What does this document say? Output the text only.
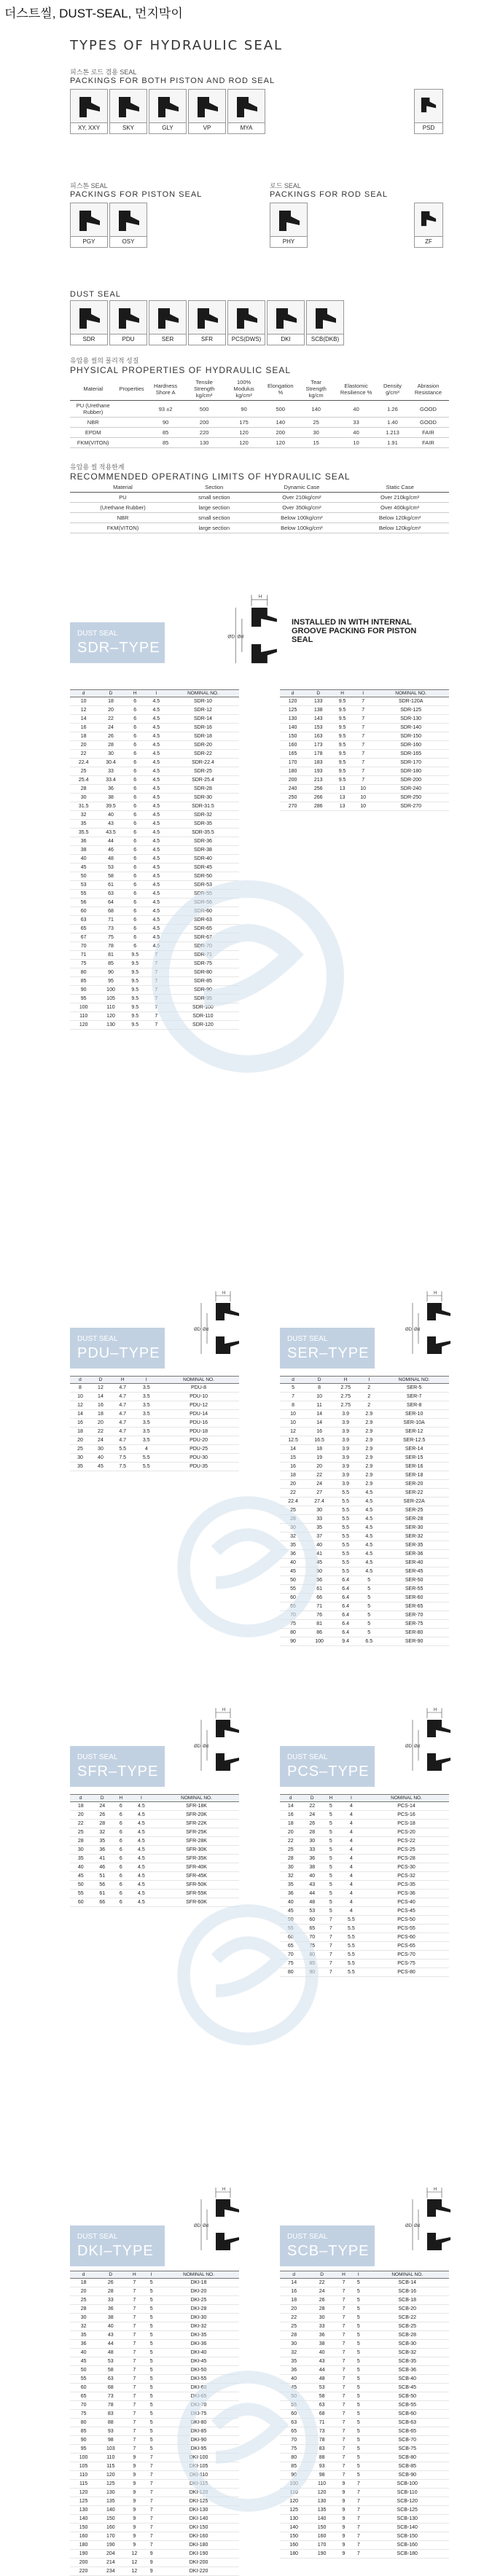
더스트씰, DUST-SEAL, 먼지막이
TYPES OF HYDRAULIC SEAL
피스톤 로드 겸용 SEAL
PACKINGS FOR BOTH PISTON AND ROD SEAL
XY, XXY	SKY	GLY	VP	MYA	PSD
피스톤 SEAL
PACKINGS FOR PISTON SEAL
PGY	OSY
로드 SEAL
PACKINGS FOR ROD SEAL
PHY	ZF
DUST SEAL
SDR	PDU	SER	SFR	PCS(DWS)	DKI	SCB(DKB)
유압용 씰의 물리적 성질
PHYSICAL PROPERTIES OF HYDRAULIC SEAL
Material	Properties	Hardness Shore A	Tensile Strength kg/cm²	100% Modulus kg/cm²	Elongation %	Tear Strength kg/cm	Elastomic Resilience %	Density g/cm³	Abrasion Resistance
PU (Urethane Rubber)		93 ±2	500	90	500	140	40	1.26	GOOD
NBR		90	200	175	140	25	33	1.40	GOOD
EPDM		85	220	120	200	30	40	1.213	FAIR
FKM(VITON)		85	130	120	120	15	10	1.91	FAIR
유압용 씰 적용한계
RECOMMENDED OPERATING LIMITS OF HYDRAULIC SEAL
Material	Section	Dynamic Case	Static Case
PU	small section	Over 210kg/cm²	Over 210kg/cm²
(Urethane Rubber)	large section	Over 350kg/cm²	Over 400kg/cm²
NBR	small section	Below 100kg/cm²	Below 120kg/cm²
FKM(VITON)	large section	Below 100kg/cm²	Below 120kg/cm²
DUST SEAL
SDR–TYPE
H
ØD Ød
INSTALLED IN WITH INTERNAL GROOVE PACKING FOR PISTON SEAL
d	D	H	I	NOMINAL NO.
10	18	6	4.5	SDR-10
12	20	6	4.5	SDR-12
14	22	6	4.5	SDR-14
16	24	6	4.5	SDR-16
18	26	6	4.5	SDR-18
20	28	6	4.5	SDR-20
22	30	6	4.5	SDR-22
22.4	30.4	6	4.5	SDR-22.4
25	33	6	4.5	SDR-25
25.4	33.4	6	4.5	SDR-25.4
28	36	6	4.5	SDR-28
30	38	6	4.5	SDR-30
31.5	39.5	6	4.5	SDR-31.5
32	40	6	4.5	SDR-32
35	43	6	4.5	SDR-35
35.5	43.5	6	4.5	SDR-35.5
36	44	6	4.5	SDR-36
38	46	6	4.5	SDR-38
40	48	6	4.5	SDR-40
45	53	6	4.5	SDR-45
50	58	6	4.5	SDR-50
53	61	6	4.5	SDR-53
55	63	6	4.5	SDR-55
56	64	6	4.5	SDR-56
60	68	6	4.5	SDR-60
63	71	6	4.5	SDR-63
65	73	6	4.5	SDR-65
67	75	6	4.5	SDR-67
70	78	6	4.5	SDR-70
71	81	9.5	7	SDR-71
75	85	9.5	7	SDR-75
80	90	9.5	7	SDR-80
85	95	9.5	7	SDR-85
90	100	9.5	7	SDR-90
95	105	9.5	7	SDR-95
100	110	9.5	7	SDR-100
110	120	9.5	7	SDR-110
120	130	9.5	7	SDR-120
d	D	H	I	NOMINAL NO.
120	133	9.5	7	SDR-120A
125	138	9.5	7	SDR-125
130	143	9.5	7	SDR-130
140	153	9.5	7	SDR-140
150	163	9.5	7	SDR-150
160	173	9.5	7	SDR-160
165	178	9.5	7	SDR-165
170	183	9.5	7	SDR-170
180	193	9.5	7	SDR-180
200	213	9.5	7	SDR-200
240	256	13	10	SDR-240
250	266	13	10	SDR-250
270	286	13	10	SDR-270
DUST SEAL
PDU–TYPE
H
ØD Ød
DUST SEAL
SER–TYPE
H
ØD Ød
d	D	H	I	NOMINAL NO.
8	12	4.7	3.5	PDU-8
10	14	4.7	3.5	PDU-10
12	16	4.7	3.5	PDU-12
14	18	4.7	3.5	PDU-14
16	20	4.7	3.5	PDU-16
18	22	4.7	3.5	PDU-18
20	24	4.7	3.5	PDU-20
25	30	5.5	4	PDU-25
30	40	7.5	5.5	PDU-30
35	45	7.5	5.5	PDU-35
d	D	H	I	NOMINAL NO.
5	8	2.75	2	SER-5
7	10	2.75	2	SER-7
8	11	2.75	2	SER-8
10	14	3.9	2.9	SER-10
10	14	3.9	2.9	SER-10A
12	16	3.9	2.9	SER-12
12.5	16.5	3.9	2.9	SER-12.5
14	18	3.9	2.9	SER-14
15	19	3.9	2.9	SER-15
16	20	3.9	2.9	SER-16
18	22	3.9	2.9	SER-18
20	24	3.9	2.9	SER-20
22	27	5.5	4.5	SER-22
22.4	27.4	5.5	4.5	SER-22A
25	30	5.5	4.5	SER-25
28	33	5.5	4.5	SER-28
30	35	5.5	4.5	SER-30
32	37	5.5	4.5	SER-32
35	40	5.5	4.5	SER-35
36	41	5.5	4.5	SER-36
40	45	5.5	4.5	SER-40
45	50	5.5	4.5	SER-45
50	56	6.4	5	SER-50
55	61	6.4	5	SER-55
60	66	6.4	5	SER-60
65	71	6.4	5	SER-65
70	76	6.4	5	SER-70
75	81	6.4	5	SER-75
80	86	6.4	5	SER-80
90	100	9.4	6.5	SER-90
DUST SEAL
SFR–TYPE
H
ØD Ød
DUST SEAL
PCS–TYPE
H
ØD Ød
d	D	H	I	NOMINAL NO.
18	24	6	4.5	SFR-18K
20	26	6	4.5	SFR-20K
22	28	6	4.5	SFR-22K
25	32	6	4.5	SFR-25K
28	35	6	4.5	SFR-28K
30	36	6	4.5	SFR-30K
35	41	6	4.5	SFR-35K
40	46	6	4.5	SFR-40K
45	51	6	4.5	SFR-45K
50	56	6	4.5	SFR-50K
55	61	6	4.5	SFR-55K
60	66	6	4.5	SFR-60K
d	D	H	I	NOMINAL NO.
14	22	5	4	PCS-14
16	24	5	4	PCS-16
18	26	5	4	PCS-18
20	28	5	4	PCS-20
22	30	5	4	PCS-22
25	33	5	4	PCS-25
28	36	5	4	PCS-28
30	38	5	4	PCS-30
32	40	5	4	PCS-32
35	43	5	4	PCS-35
36	44	5	4	PCS-36
40	48	5	4	PCS-40
45	53	5	4	PCS-45
50	60	7	5.5	PCS-50
55	65	7	5.5	PCS-55
60	70	7	5.5	PCS-60
65	75	7	5.5	PCS-65
70	80	7	5.5	PCS-70
75	85	7	5.5	PCS-75
80	90	7	5.5	PCS-80
DUST SEAL
DKI–TYPE
H
ØD Ød
DUST SEAL
SCB–TYPE
H
ØD Ød
d	D	H	I	NOMINAL NO.
18	26	7	5	DKI-18
20	28	7	5	DKI-20
25	33	7	5	DKI-25
28	36	7	5	DKI-28
30	38	7	5	DKI-30
32	40	7	5	DKI-32
35	43	7	5	DKI-35
36	44	7	5	DKI-36
40	48	7	5	DKI-40
45	53	7	5	DKI-45
50	58	7	5	DKI-50
55	63	7	5	DKI-55
60	68	7	5	DKI-60
65	73	7	5	DKI-65
70	78	7	5	DKI-70
75	83	7	5	DKI-75
80	88	7	5	DKI-80
85	93	7	5	DKI-85
90	98	7	5	DKI-90
95	103	7	5	DKI-95
100	110	9	7	DKI-100
105	115	9	7	DKI-105
110	120	9	7	DKI-110
115	125	9	7	DKI-115
120	130	9	7	DKI-120
125	135	9	7	DKI-125
130	140	9	7	DKI-130
140	150	9	7	DKI-140
150	160	9	7	DKI-150
160	170	9	7	DKI-160
180	190	9	7	DKI-180
190	204	12	9	DKI-190
200	214	12	9	DKI-200
220	234	12	9	DKI-220
d	D	H	I	NOMINAL NO.
14	22	7	5	SCB-14
16	24	7	5	SCB-16
18	26	7	5	SCB-18
20	28	7	5	SCB-20
22	30	7	5	SCB-22
25	33	7	5	SCB-25
28	36	7	5	SCB-28
30	38	7	5	SCB-30
32	40	7	5	SCB-32
35	43	7	5	SCB-35
36	44	7	5	SCB-36
40	48	7	5	SCB-40
45	53	7	5	SCB-45
50	58	7	5	SCB-50
55	63	7	5	SCB-55
60	68	7	5	SCB-60
63	71	7	5	SCB-63
65	73	7	5	SCB-65
70	78	7	5	SCB-70
75	83	7	5	SCB-75
80	88	7	5	SCB-80
85	93	7	5	SCB-85
90	98	7	5	SCB-90
100	110	9	7	SCB-100
110	120	9	7	SCB-110
120	130	9	7	SCB-120
125	135	9	7	SCB-125
130	140	9	7	SCB-130
140	150	9	7	SCB-140
150	160	9	7	SCB-150
160	170	9	7	SCB-160
180	190	9	7	SCB-180
